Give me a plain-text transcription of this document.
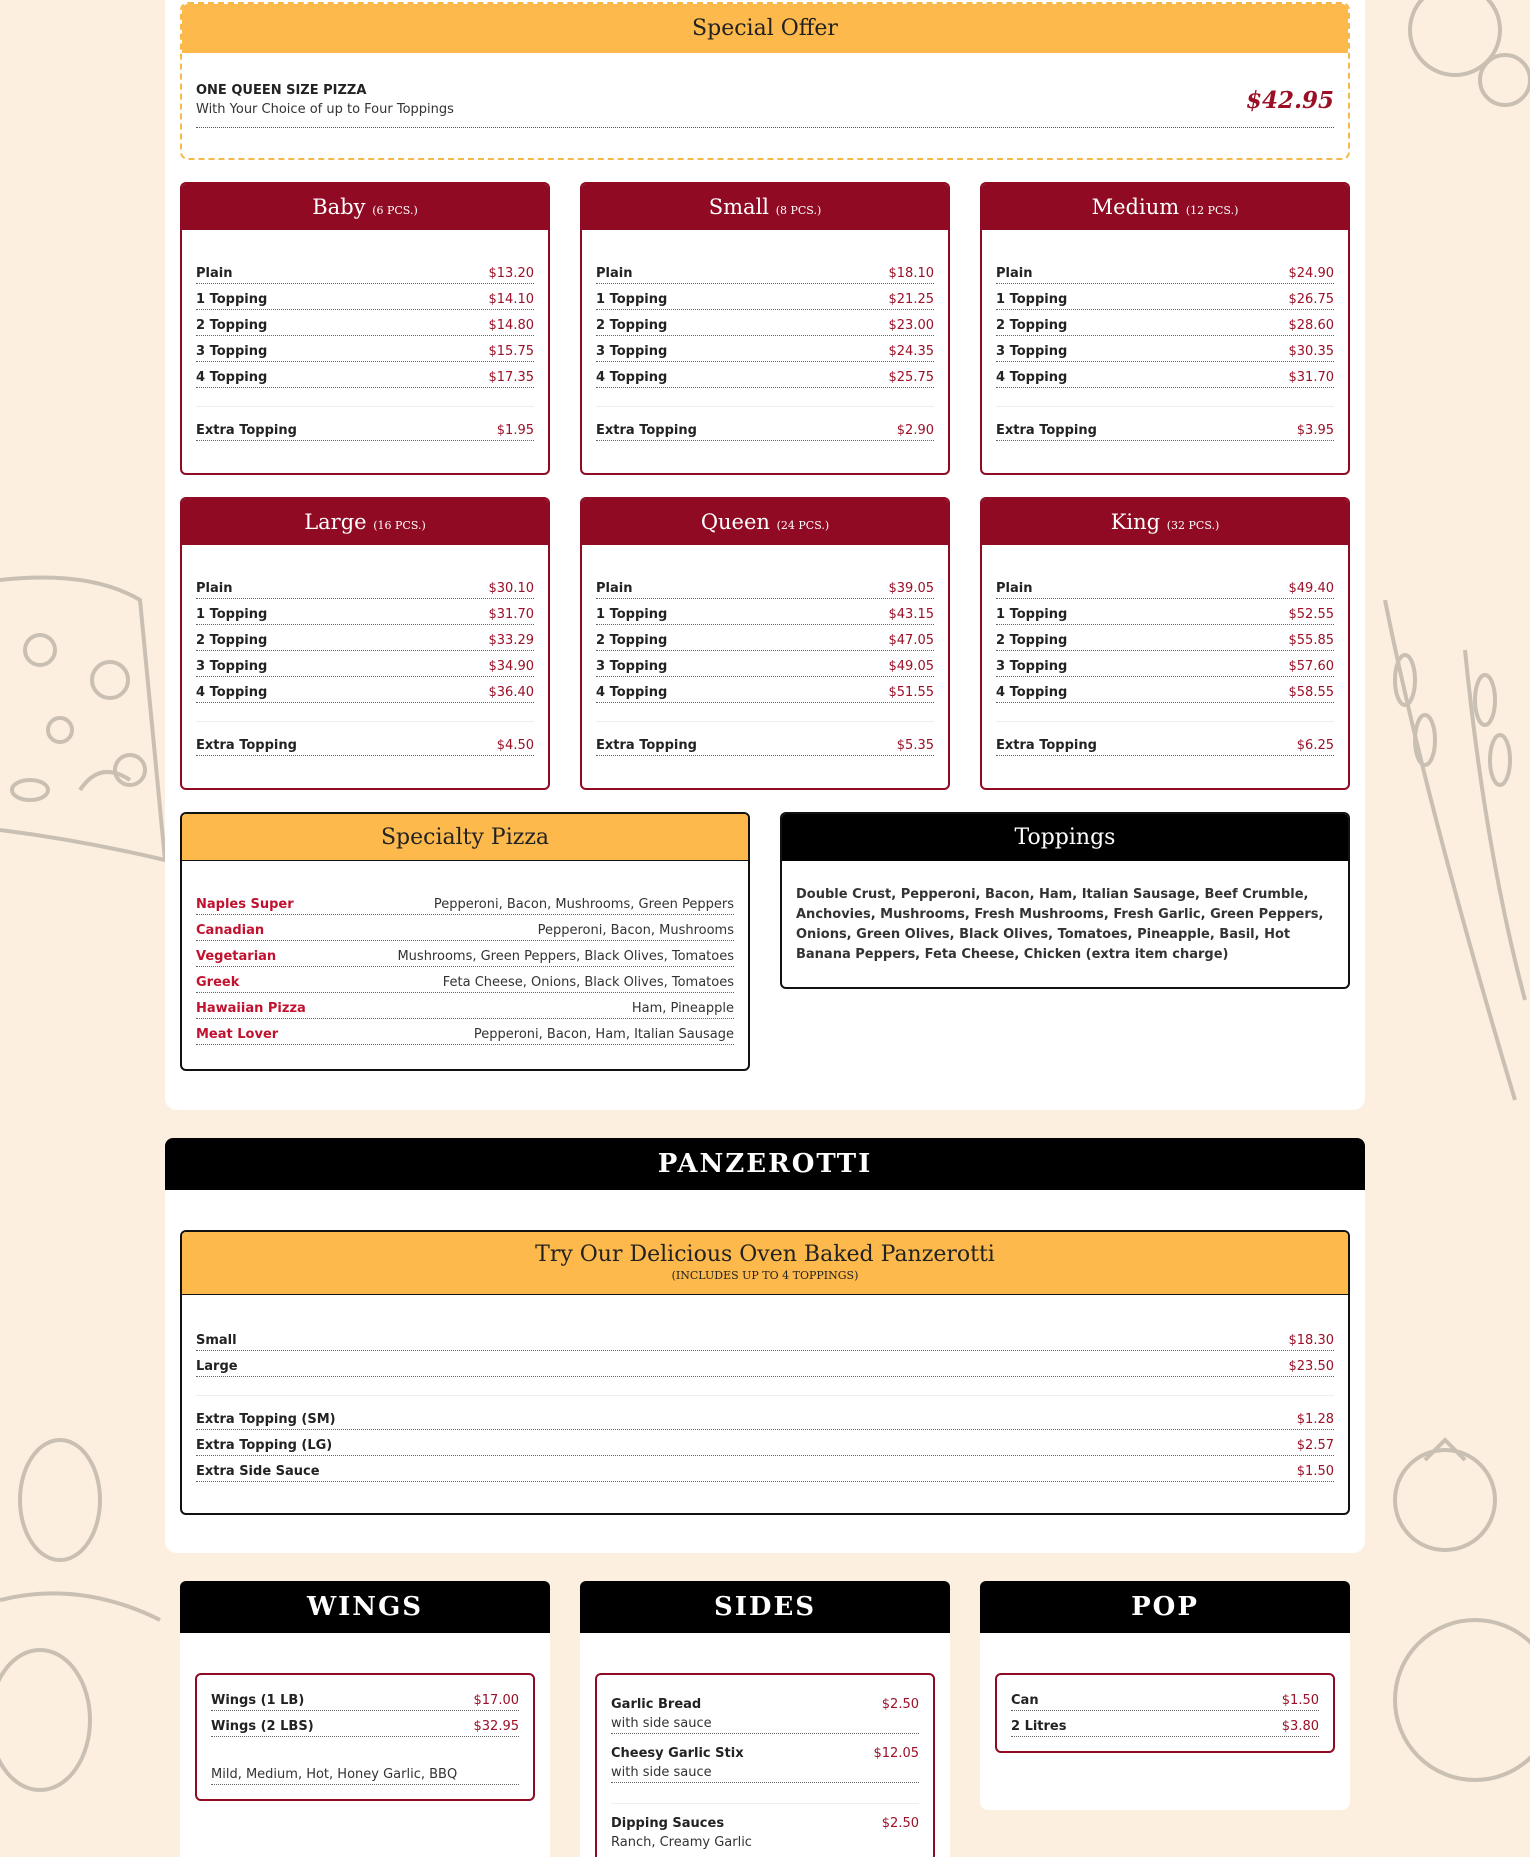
Special Offer
ONE QUEEN SIZE PIZZA
With Your Choice of up to Four Toppings	$42.95
Baby (6 PCS.)
Plain	$13.20
1 Topping	$14.10
2 Topping	$14.80
3 Topping	$15.75
4 Topping	$17.35
Extra Topping	$1.95
Small (8 PCS.)
Plain	$18.10
1 Topping	$21.25
2 Topping	$23.00
3 Topping	$24.35
4 Topping	$25.75
Extra Topping	$2.90
Medium (12 PCS.)
Plain	$24.90
1 Topping	$26.75
2 Topping	$28.60
3 Topping	$30.35
4 Topping	$31.70
Extra Topping	$3.95
Large (16 PCS.)
Plain	$30.10
1 Topping	$31.70
2 Topping	$33.29
3 Topping	$34.90
4 Topping	$36.40
Extra Topping	$4.50
Queen (24 PCS.)
Plain	$39.05
1 Topping	$43.15
2 Topping	$47.05
3 Topping	$49.05
4 Topping	$51.55
Extra Topping	$5.35
King (32 PCS.)
Plain	$49.40
1 Topping	$52.55
2 Topping	$55.85
3 Topping	$57.60
4 Topping	$58.55
Extra Topping	$6.25
Specialty Pizza
Naples Super	Pepperoni, Bacon, Mushrooms, Green Peppers
Canadian	Pepperoni, Bacon, Mushrooms
Vegetarian	Mushrooms, Green Peppers, Black Olives, Tomatoes
Greek	Feta Cheese, Onions, Black Olives, Tomatoes
Hawaiian Pizza	Ham, Pineapple
Meat Lover	Pepperoni, Bacon, Ham, Italian Sausage
Toppings
Double Crust, Pepperoni, Bacon, Ham, Italian Sausage, Beef Crumble, Anchovies, Mushrooms, Fresh Mushrooms, Fresh Garlic, Green Peppers, Onions, Green Olives, Black Olives, Tomatoes, Pineapple, Basil, Hot Banana Peppers, Feta Cheese, Chicken (extra item charge)
PANZEROTTI
Try Our Delicious Oven Baked Panzerotti
(INCLUDES UP TO 4 TOPPINGS)
Small	$18.30
Large	$23.50
Extra Topping (SM)	$1.28
Extra Topping (LG)	$2.57
Extra Side Sauce	$1.50
WINGS
Wings (1 LB)	$17.00
Wings (2 LBS)	$32.95
Mild, Medium, Hot, Honey Garlic, BBQ
SIDES
Garlic Bread	$2.50
with side sauce
Cheesy Garlic Stix	$12.05
with side sauce
Dipping Sauces	$2.50
Ranch, Creamy Garlic
POP
Can	$1.50
2 Litres	$3.80
